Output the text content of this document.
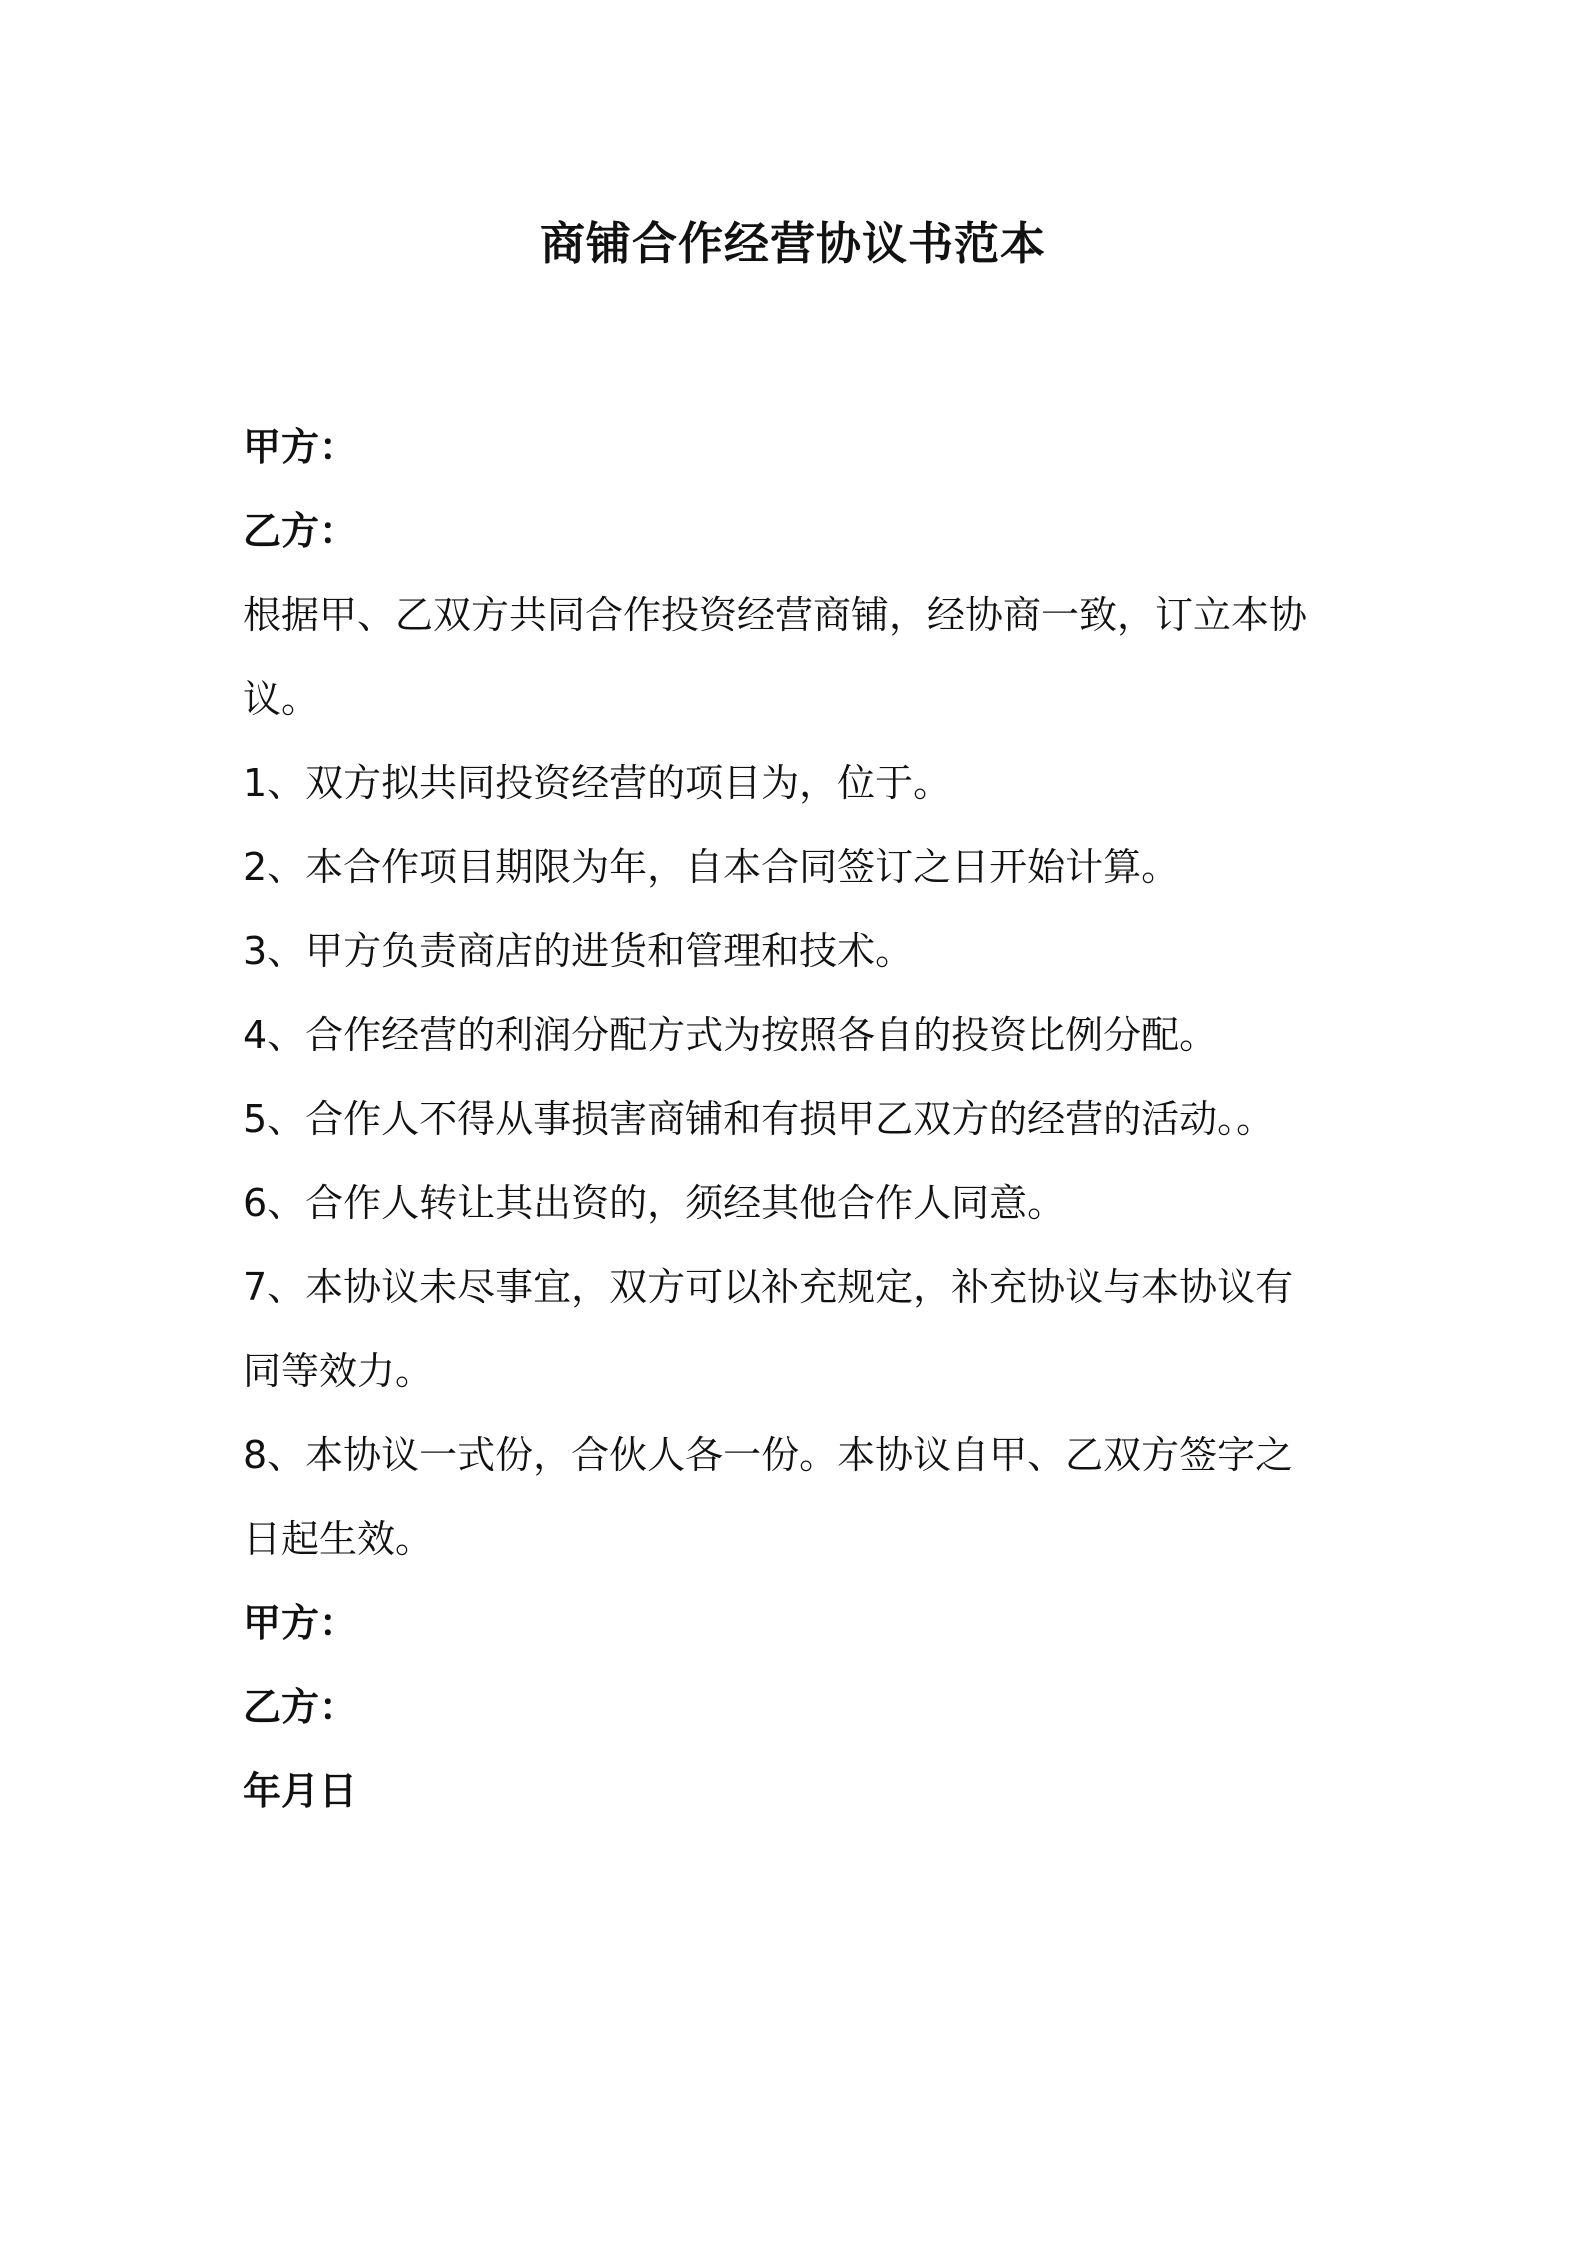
商铺合作经营协议书范本
甲方：
乙方：
根据甲、乙双方共同合作投资经营商铺，经协商一致，订立本协
议。
1、双方拟共同投资经营的项目为，位于。
2、本合作项目期限为年，自本合同签订之日开始计算。
3、甲方负责商店的进货和管理和技术。
4、合作经营的利润分配方式为按照各自的投资比例分配。
5、合作人不得从事损害商铺和有损甲乙双方的经营的活动。。
6、合作人转让其出资的，须经其他合作人同意。
7、本协议未尽事宜，双方可以补充规定，补充协议与本协议有
同等效力。
8、本协议一式份，合伙人各一份。本协议自甲、乙双方签字之
日起生效。
甲方：
乙方：
年月日
